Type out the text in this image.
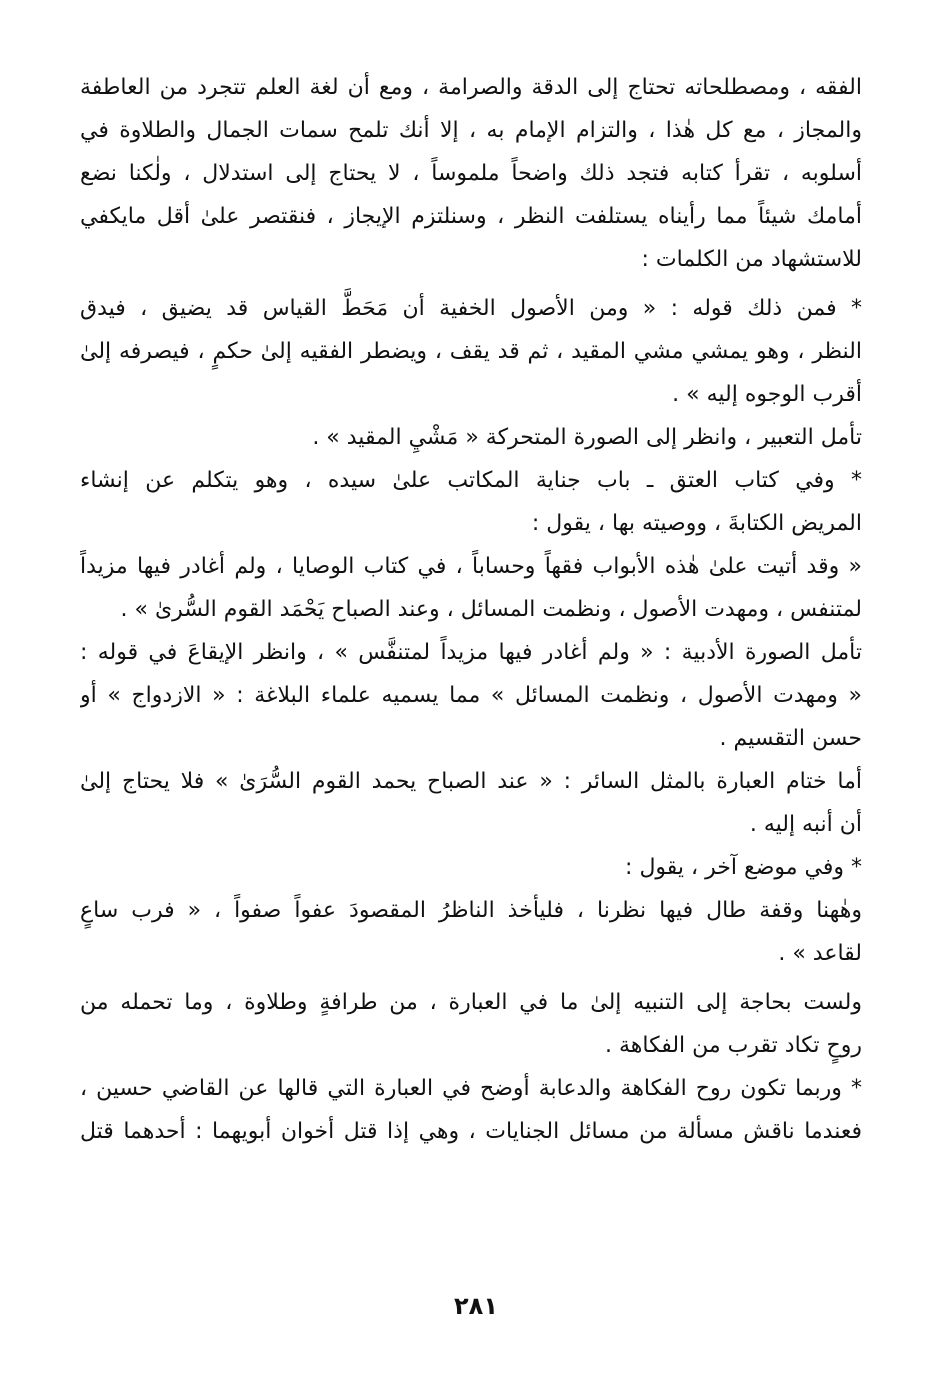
الفقه ، ومصطلحاته تحتاج إلى الدقة والصرامة ، ومع أن لغة العلم تتجرد من العاطفة
والمجاز ، مع كل هٰذا ، والتزام الإمام به ، إلا أنك تلمح سمات الجمال والطلاوة في
أسلوبه ، تقرأ كتابه فتجد ذلك واضحاً ملموساً ، لا يحتاج إلى استدلال ، ولٰكنا نضع
أمامك شيئاً مما رأيناه يستلفت النظر ، وسنلتزم الإيجاز ، فنقتصر علىٰ أقل مايكفي
للاستشهاد من الكلمات :
* فمن ذلك قوله : « ومن الأصول الخفية أن مَحَطَّ القياس قد يضيق ، فيدق
النظر ، وهو يمشي مشي المقيد ، ثم قد يقف ، ويضطر الفقيه إلىٰ حكمٍ ، فيصرفه إلىٰ
أقرب الوجوه إليه » .
تأمل التعبير ، وانظر إلى الصورة المتحركة « مَشْيِ المقيد » .
* وفي كتاب العتق ـ باب جناية المكاتب علىٰ سيده ، وهو يتكلم عن إنشاء
المريض الكتابةَ ، ووصيته بها ، يقول :
« وقد أتيت علىٰ هٰذه الأبواب فقهاً وحساباً ، في كتاب الوصايا ، ولم أغادر فيها مزيداً
لمتنفس ، ومهدت الأصول ، ونظمت المسائل ، وعند الصباح يَحْمَد القوم السُّرىٰ » .
تأمل الصورة الأدبية : « ولم أغادر فيها مزيداً لمتنفَّس » ، وانظر الإيقاعَ في قوله :
« ومهدت الأصول ، ونظمت المسائل » مما يسميه علماء البلاغة : « الازدواج » أو
حسن التقسيم .
أما ختام العبارة بالمثل السائر : « عند الصباح يحمد القوم السُّرَىٰ » فلا يحتاج إلىٰ
أن أنبه إليه .
* وفي موضع آخر ، يقول :
وهٰهنا وقفة طال فيها نظرنا ، فليأخذ الناظرُ المقصودَ عفواً صفواً ، « فرب ساعٍ
لقاعد » .
ولست بحاجة إلى التنبيه إلىٰ ما في العبارة ، من طرافةٍ وطلاوة ، وما تحمله من
روحٍ تكاد تقرب من الفكاهة .
* وربما تكون روح الفكاهة والدعابة أوضح في العبارة التي قالها عن القاضي حسين ،
فعندما ناقش مسألة من مسائل الجنايات ، وهي إذا قتل أخوان أبويهما : أحدهما قتل
٢٨١
